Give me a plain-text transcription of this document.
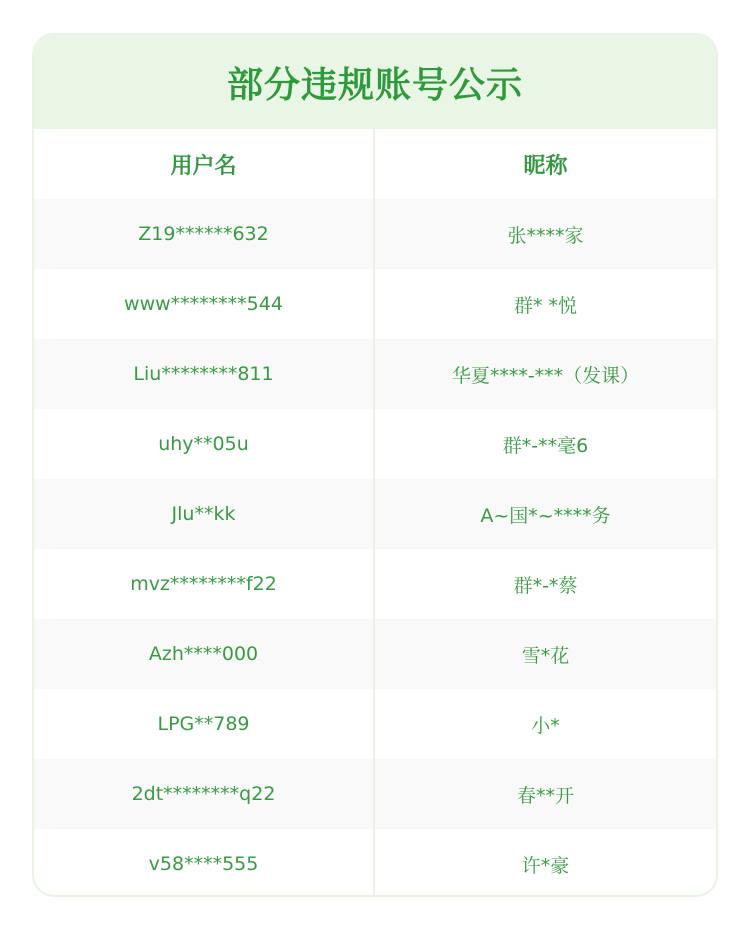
部分违规账号公示
用户名	昵称
Z19******632	张****家
www********544	群* *悦
Liu********811	华夏****-***（发课）
uhy**05u	群*-**毫6
Jlu**kk	A~国*~****务
mvz********f22	群*-*蔡
Azh****000	雪*花
LPG**789	小*
2dt********q22	春**开
v58****555	许*豪
